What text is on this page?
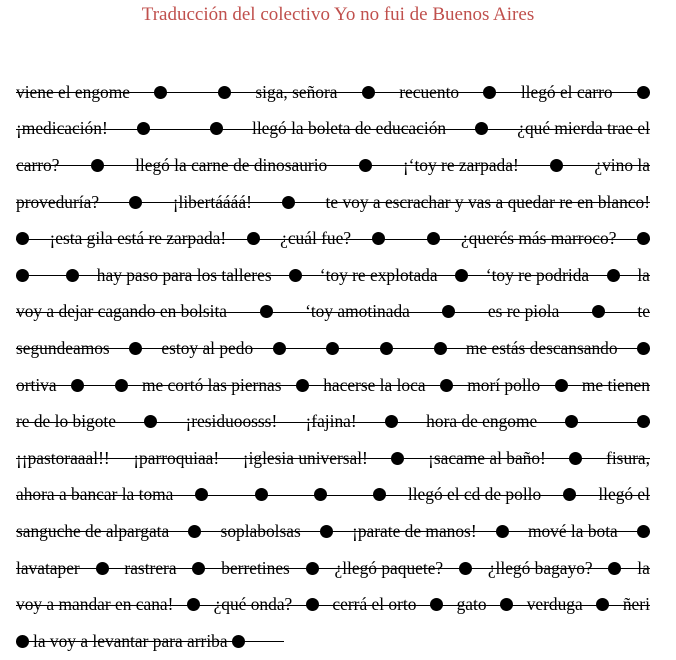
Traducción del colectivo Yo no fui de Buenos Aires
viene el engome	siga, señora	recuento	llegó el carro
¡medicación!	llegó la boleta de educación	¿qué mierda trae el
carro?	llegó la carne de dinosaurio	¡‘toy re zarpada!	¿vino la
proveduría?	¡libertáááá!	te voy a escrachar y vas a quedar re en blanco!
¡esta gila está re zarpada!	¿cuál fue?	¿querés más marroco?
hay paso para los talleres	‘toy re explotada	‘toy re podrida	la
voy a dejar cagando en bolsita	‘toy amotinada	es re piola	te
segundeamos	estoy al pedo	me estás descansando
ortiva	me cortó las piernas hacerse la loca morí pollo me tienen
re de lo bigote	¡residuoosss! ¡fajina!	hora de engome
¡¡pastoraaal!! ¡parroquiaa! ¡iglesia universal!	¡sacame al baño!	fisura,
ahora a bancar la toma	llegó el cd de pollo	llegó el
sanguche de alpargata	soplabolsas	¡parate de manos!	mové la bota
lavataper	rastrera	berretines	¿llegó paquete?	¿llegó bagayo?	la
voy a mandar en cana! ¿qué onda? cerrá el orto gato verduga ñeri
la voy a levantar para arriba
